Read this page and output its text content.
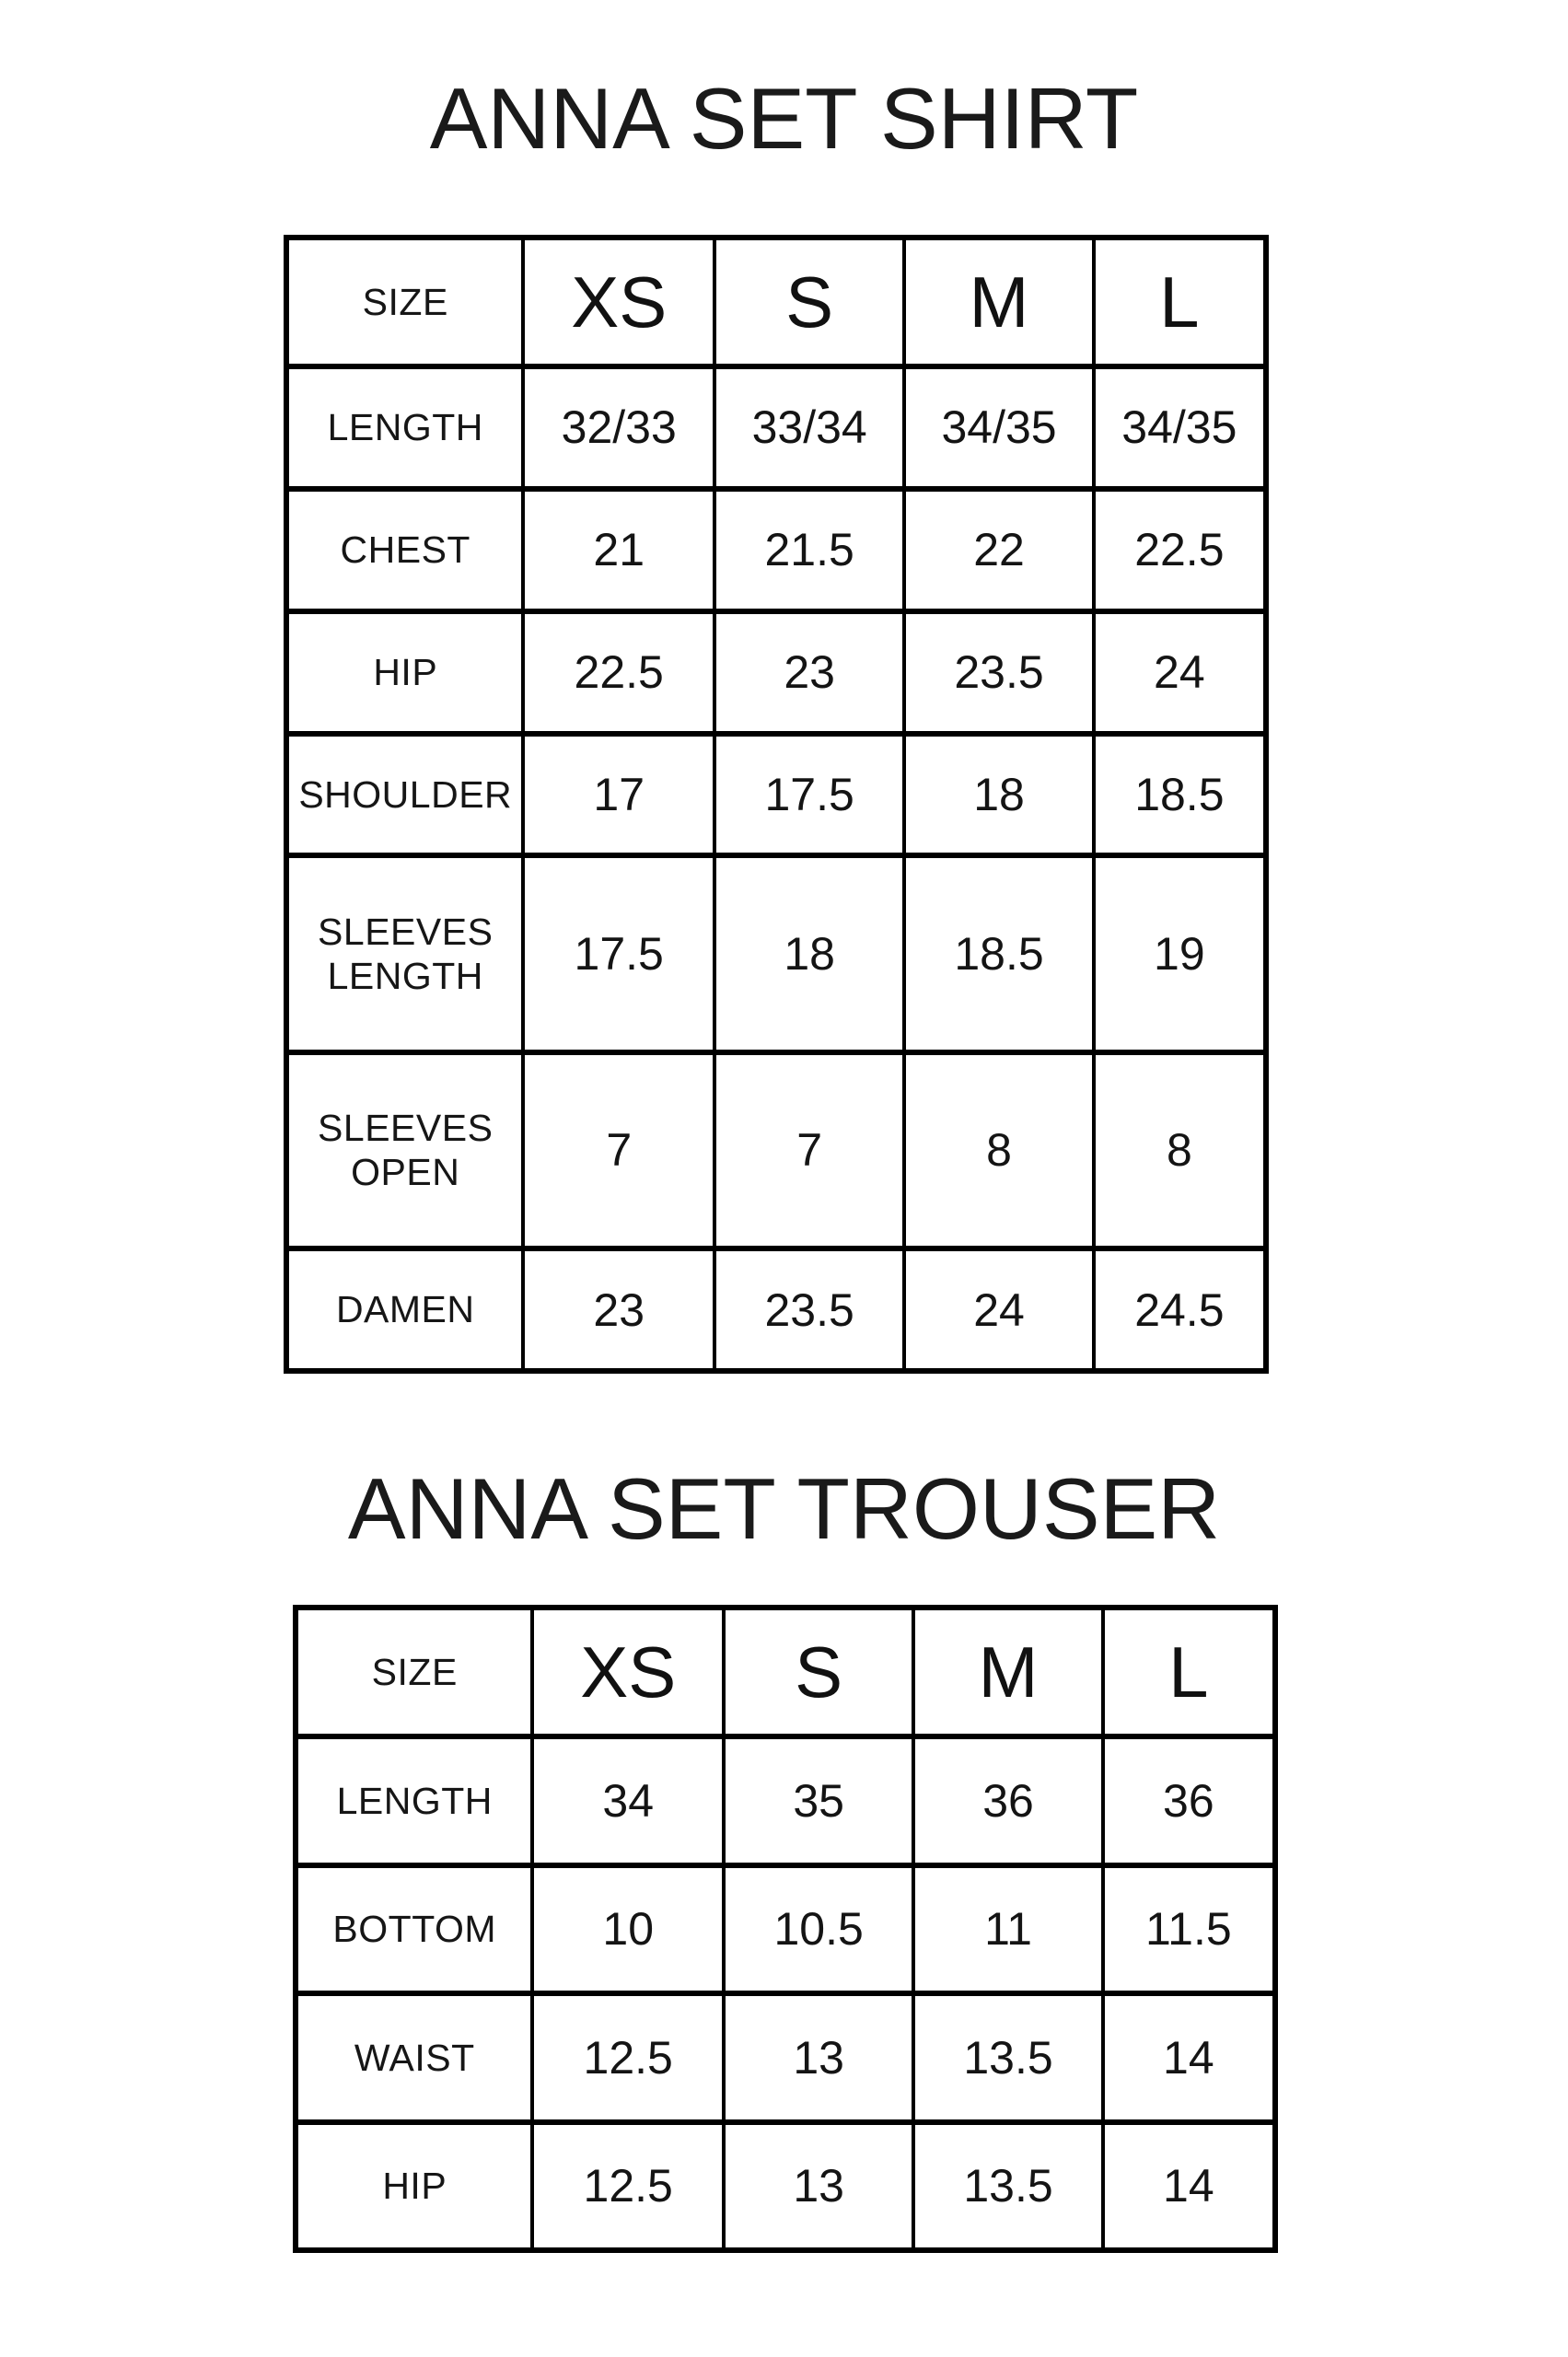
ANNA SET SHIRT
SIZE	XS	S	M	L
LENGTH	32/33	33/34	34/35	34/35
CHEST	21	21.5	22	22.5
HIP	22.5	23	23.5	24
SHOULDER	17	17.5	18	18.5
SLEEVES LENGTH	17.5	18	18.5	19
SLEEVES OPEN	7	7	8	8
DAMEN	23	23.5	24	24.5
ANNA SET TROUSER
SIZE	XS	S	M	L
LENGTH	34	35	36	36
BOTTOM	10	10.5	11	11.5
WAIST	12.5	13	13.5	14
HIP	12.5	13	13.5	14
